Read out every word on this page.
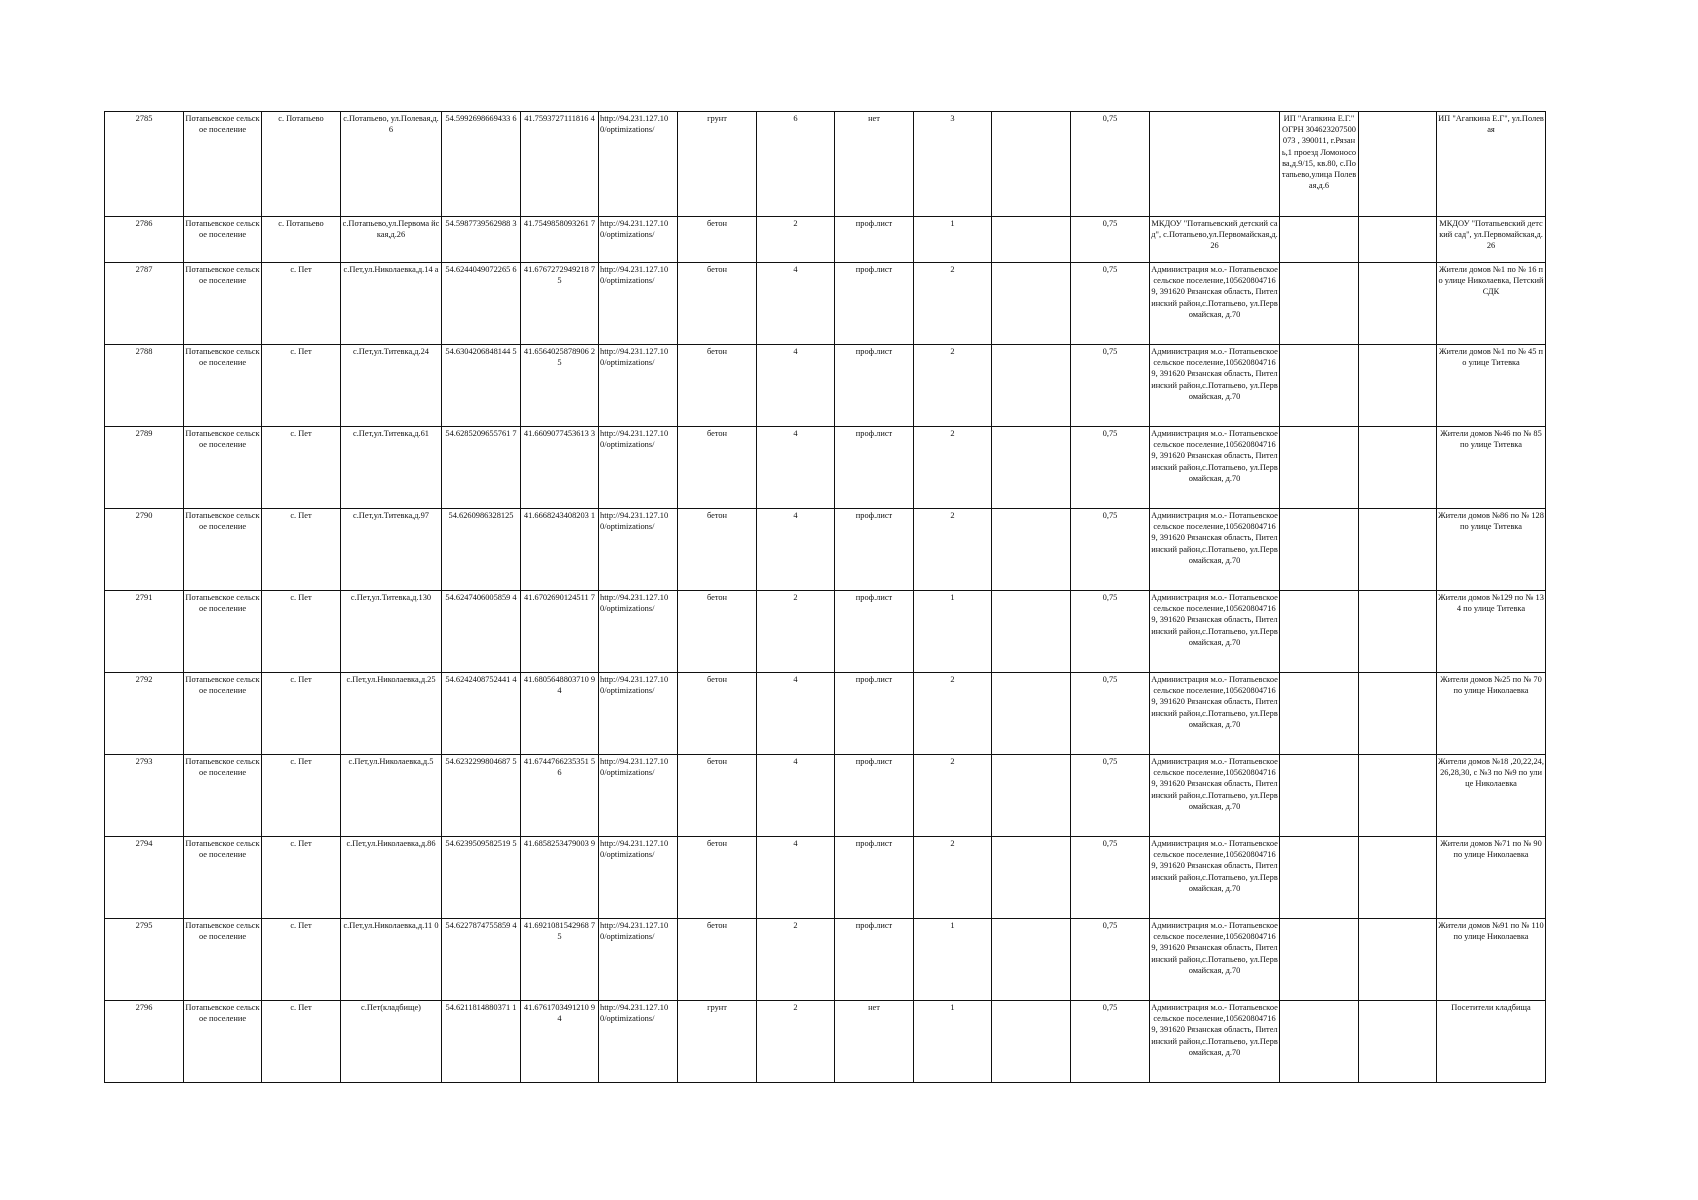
2785	Потапьевское сельское поселение	с. Потапьево	с.Потапьево, ул.Полевая,д.6	54.5992698669433 6	41.7593727111816 4	http://94.231.127.10 0/optimizations/	грунт	6	нет	3		0,75		ИП "Агапкина Е.Г." ОГРН 304623207500073 , 390011, г.Рязань,1 проезд Ломоносова,д.9/15, кв.80, с.Потапьево,улица Полевая,д.6		ИП "Агапкина Е.Г", ул.Полевая
2786	Потапьевское сельское поселение	с. Потапьево	с.Потапьево,ул.Первома йская,д.26	54.5987739562988 3	41.7549858093261 7	http://94.231.127.10 0/optimizations/	бетон	2	проф.лист	1		0,75	МКДОУ "Потапьевский детский сад", с.Потапьево,ул.Первомайская,д. 26			МКДОУ "Потапьевский детский сад", ул.Первомайская,д.26
2787	Потапьевское сельское поселение	с. Пет	с.Пет,ул.Николаевка,д.14 а	54.6244049072265 6	41.6767272949218 75	http://94.231.127.10 0/optimizations/	бетон	4	проф.лист	2		0,75	Администрация м.о.- Потапьевское сельское поселение,1056208047169, 391620 Рязанская область, Пителинский район,с.Потапьево, ул.Первомайская, д.70			Жители домов №1 по № 16 по улице Николаевка, Петский СДК
2788	Потапьевское сельское поселение	с. Пет	с.Пет,ул.Титевка,д.24	54.6304206848144 5	41.6564025878906 25	http://94.231.127.10 0/optimizations/	бетон	4	проф.лист	2		0,75	Администрация м.о.- Потапьевское сельское поселение,1056208047169, 391620 Рязанская область, Пителинский район,с.Потапьево, ул.Первомайская, д.70			Жители домов №1 по № 45 по улице Титевка
2789	Потапьевское сельское поселение	с. Пет	с.Пет,ул.Титевка,д.61	54.6285209655761 7	41.6609077453613 3	http://94.231.127.10 0/optimizations/	бетон	4	проф.лист	2		0,75	Администрация м.о.- Потапьевское сельское поселение,1056208047169, 391620 Рязанская область, Пителинский район,с.Потапьево, ул.Первомайская, д.70			Жители домов №46 по № 85 по улице Титевка
2790	Потапьевское сельское поселение	с. Пет	с.Пет,ул.Титевка,д.97	54.6260986328125	41.6668243408203 1	http://94.231.127.10 0/optimizations/	бетон	4	проф.лист	2		0,75	Администрация м.о.- Потапьевское сельское поселение,1056208047169, 391620 Рязанская область, Пителинский район,с.Потапьево, ул.Первомайская, д.70			Жители домов №86 по № 128 по улице Титевка
2791	Потапьевское сельское поселение	с. Пет	с.Пет,ул.Титевка,д.130	54.6247406005859 4	41.6702690124511 7	http://94.231.127.10 0/optimizations/	бетон	2	проф.лист	1		0,75	Администрация м.о.- Потапьевское сельское поселение,1056208047169, 391620 Рязанская область, Пителинский район,с.Потапьево, ул.Первомайская, д.70			Жители домов №129 по № 134 по улице Титевка
2792	Потапьевское сельское поселение	с. Пет	с.Пет,ул.Николаевка,д.25	54.6242408752441 4	41.6805648803710 94	http://94.231.127.10 0/optimizations/	бетон	4	проф.лист	2		0,75	Администрация м.о.- Потапьевское сельское поселение,1056208047169, 391620 Рязанская область, Пителинский район,с.Потапьево, ул.Первомайская, д.70			Жители домов №25 по № 70по улице Николаевка
2793	Потапьевское сельское поселение	с. Пет	с.Пет,ул.Николаевка,д.5	54.6232299804687 5	41.6744766235351 56	http://94.231.127.10 0/optimizations/	бетон	4	проф.лист	2		0,75	Администрация м.о.- Потапьевское сельское поселение,1056208047169, 391620 Рязанская область, Пителинский район,с.Потапьево, ул.Первомайская, д.70			Жители домов №18 ,20,22,24,26,28,30, с №3 по №9 по улице Николаевка
2794	Потапьевское сельское поселение	с. Пет	с.Пет,ул.Николаевка,д.86	54.6239509582519 5	41.6858253479003 9	http://94.231.127.10 0/optimizations/	бетон	4	проф.лист	2		0,75	Администрация м.о.- Потапьевское сельское поселение,1056208047169, 391620 Рязанская область, Пителинский район,с.Потапьево, ул.Первомайская, д.70			Жители домов №71 по № 90по улице Николаевка
2795	Потапьевское сельское поселение	с. Пет	с.Пет,ул.Николаевка,д.11 0	54.6227874755859 4	41.6921081542968 75	http://94.231.127.10 0/optimizations/	бетон	2	проф.лист	1		0,75	Администрация м.о.- Потапьевское сельское поселение,1056208047169, 391620 Рязанская область, Пителинский район,с.Потапьево, ул.Первомайская, д.70			Жители домов №91 по № 110по улице Николаевка
2796	Потапьевское сельское поселение	с. Пет	с.Пет(кладбище)	54.6211814880371 1	41.6761703491210 94	http://94.231.127.10 0/optimizations/	грунт	2	нет	1		0,75	Администрация м.о.- Потапьевское сельское поселение,1056208047169, 391620 Рязанская область, Пителинский район,с.Потапьево, ул.Первомайская, д.70			Посетители кладбища
